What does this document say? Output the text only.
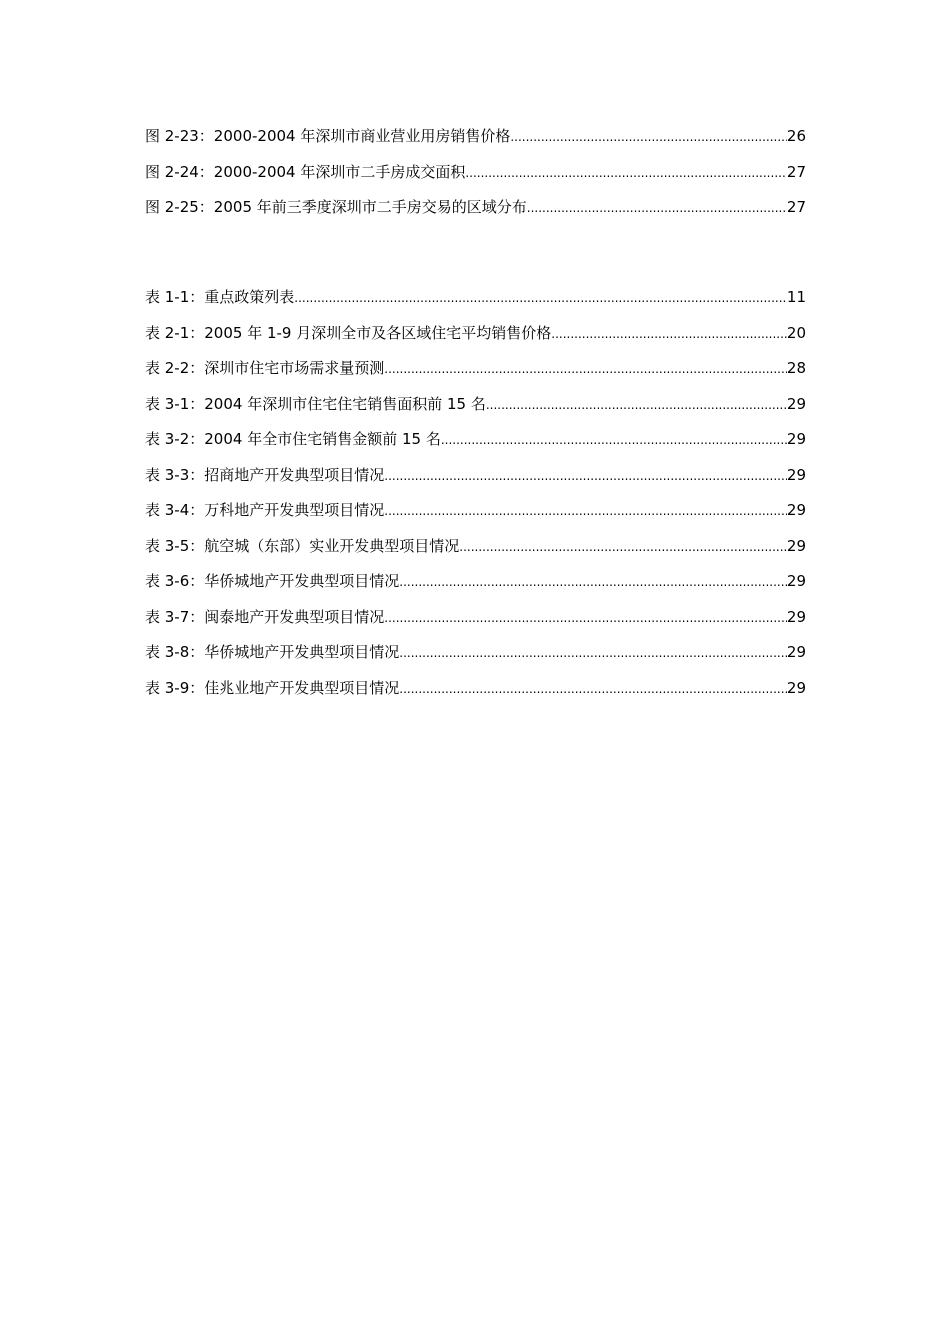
图 2-23：2000-2004 年深圳市商业营业用房销售价格 .....	26
图 2-24：2000-2004 年深圳市二手房成交面积 .....	27
图 2-25：2005 年前三季度深圳市二手房交易的区域分布 .....	27
表 1-1：重点政策列表 .....	11
表 2-1：2005 年 1-9 月深圳全市及各区域住宅平均销售价格 .....	20
表 2-2：深圳市住宅市场需求量预测 .....	28
表 3-1：2004 年深圳市住宅住宅销售面积前 15 名 .....	29
表 3-2：2004 年全市住宅销售金额前 15 名 .....	29
表 3-3：招商地产开发典型项目情况 .....	29
表 3-4：万科地产开发典型项目情况 .....	29
表 3-5：航空城（东部）实业开发典型项目情况 .....	29
表 3-6：华侨城地产开发典型项目情况 .....	29
表 3-7：闽泰地产开发典型项目情况 .....	29
表 3-8：华侨城地产开发典型项目情况 .....	29
表 3-9：佳兆业地产开发典型项目情况 .....	29
